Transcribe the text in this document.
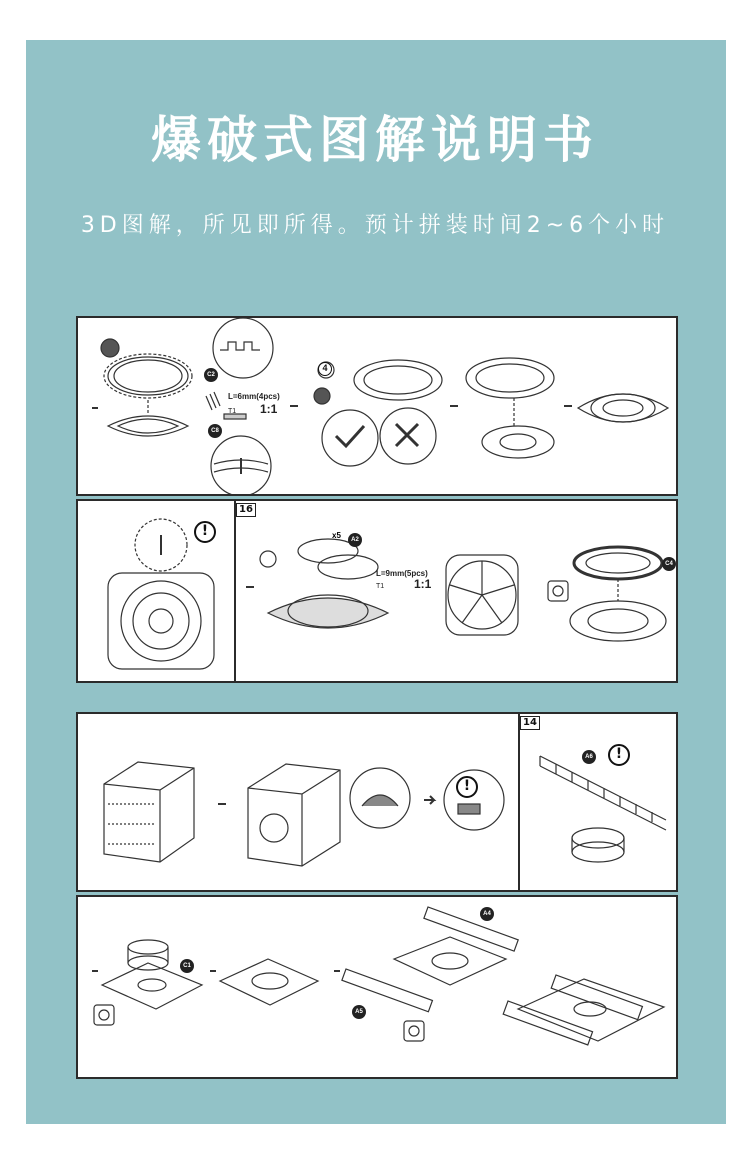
爆破式图解说明书
3D图解，所见即所得。预计拼装时间2~6个小时
C2
C8
L=6mm(4pcs)
T1 1:1
4
!
16
x5	A2
L=9mm(5pcs)
T1 1:1
C4
!
14
A6	!
C1
A4
A5
